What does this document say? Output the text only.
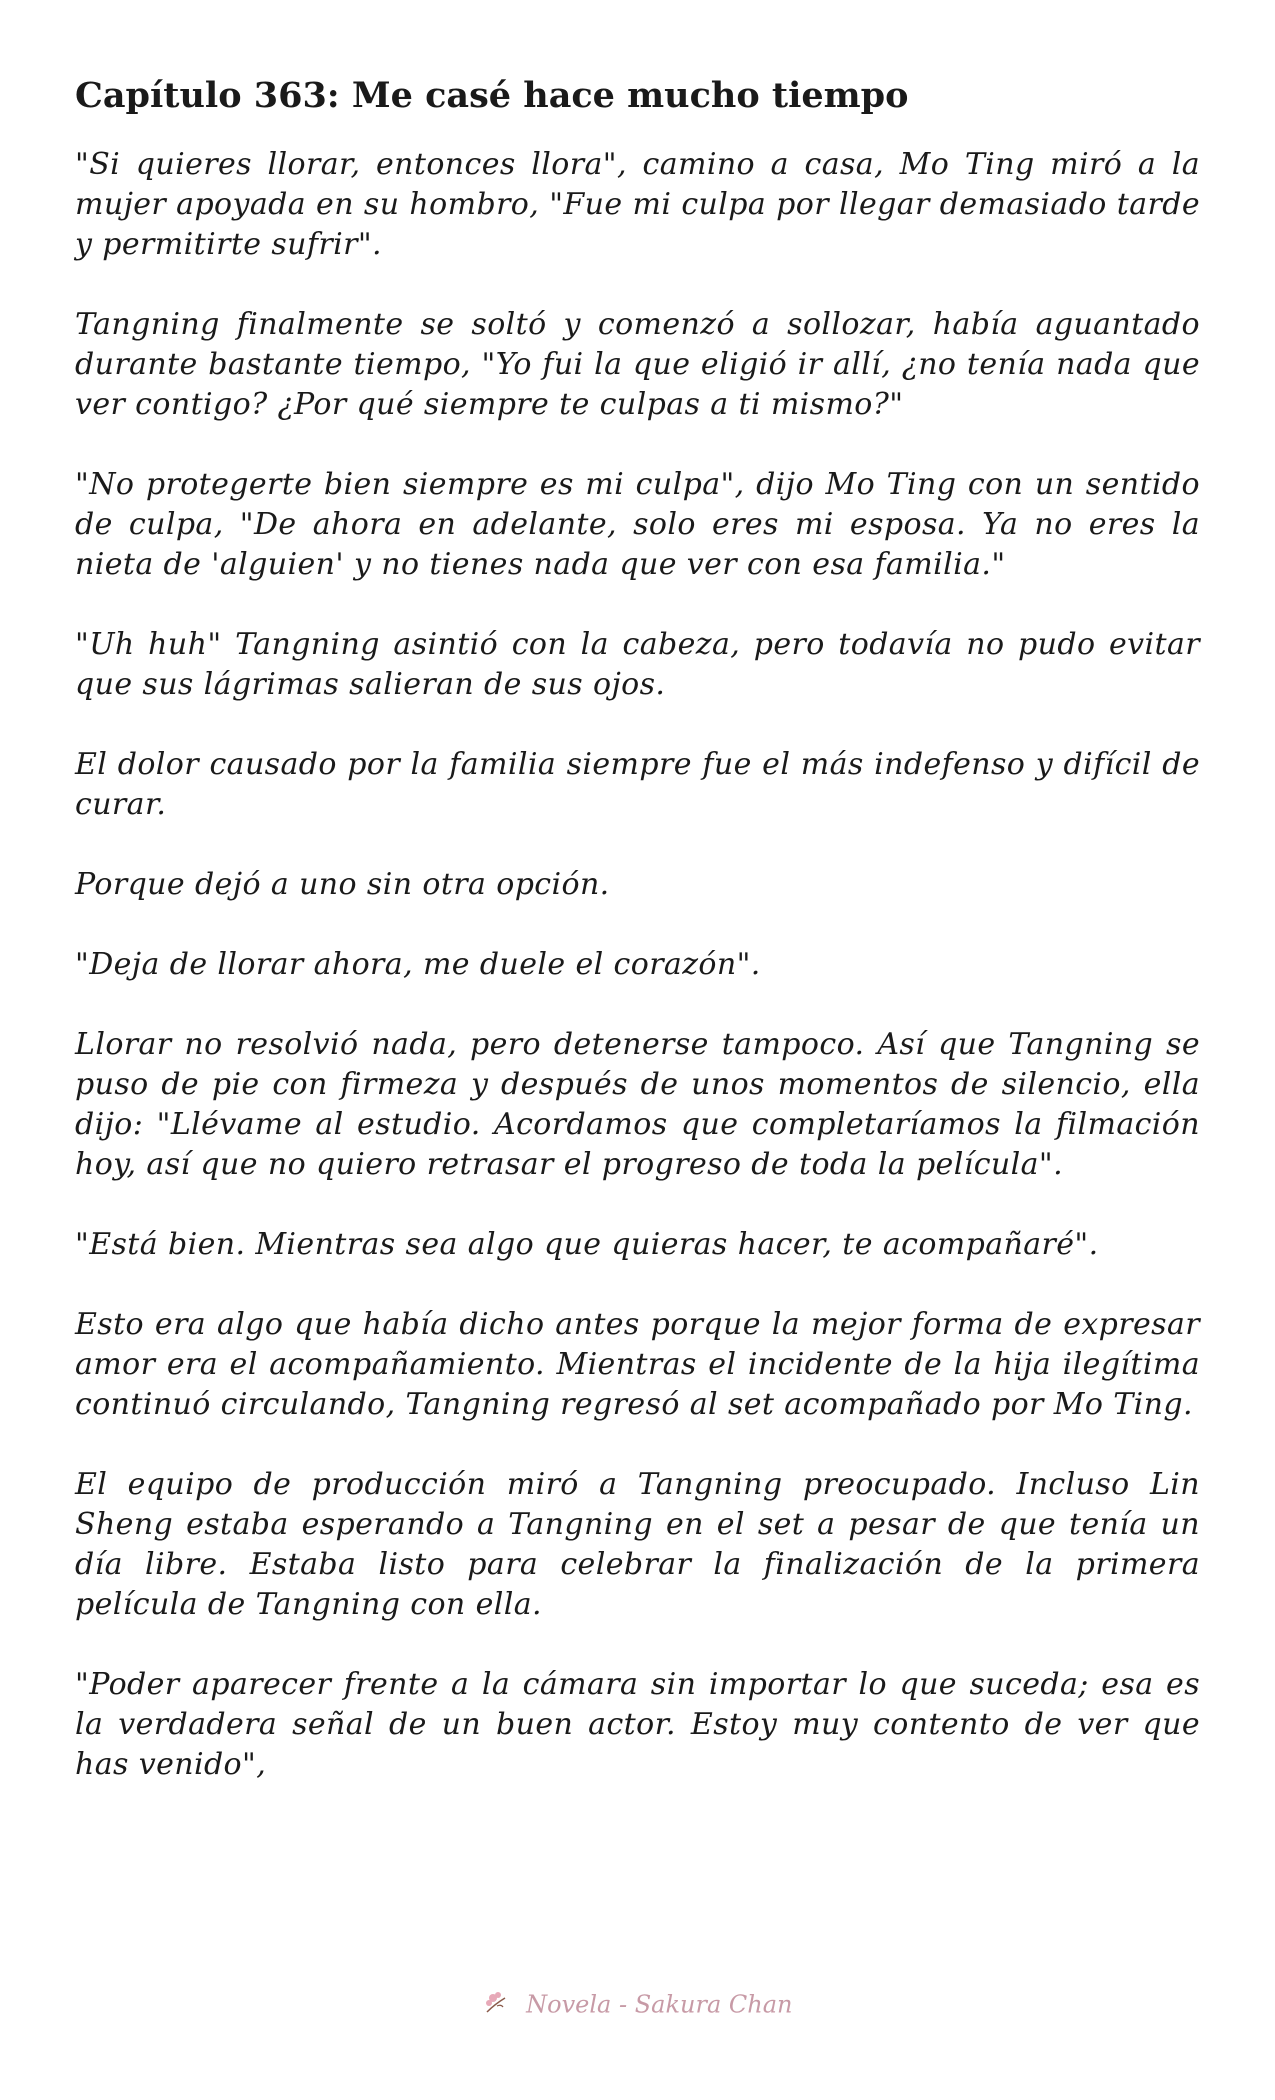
Capítulo 363: Me casé hace mucho tiempo

"Si quieres llorar, entonces llora", camino a casa, Mo Ting miró a la mujer apoyada en su hombro, "Fue mi culpa por llegar demasiado tarde y permitirte sufrir".

Tangning finalmente se soltó y comenzó a sollozar, había aguantado durante bastante tiempo, "Yo fui la que eligió ir allí, ¿no tenía nada que ver contigo? ¿Por qué siempre te culpas a ti mismo?"

"No protegerte bien siempre es mi culpa", dijo Mo Ting con un sentido de culpa, "De ahora en adelante, solo eres mi esposa. Ya no eres la nieta de 'alguien' y no tienes nada que ver con esa familia."

"Uh huh" Tangning asintió con la cabeza, pero todavía no pudo evitar que sus lágrimas salieran de sus ojos.

El dolor causado por la familia siempre fue el más indefenso y difícil de curar.

Porque dejó a uno sin otra opción.

"Deja de llorar ahora, me duele el corazón".

Llorar no resolvió nada, pero detenerse tampoco. Así que Tangning se puso de pie con firmeza y después de unos momentos de silencio, ella dijo: "Llévame al estudio. Acordamos que completaríamos la filmación hoy, así que no quiero retrasar el progreso de toda la película".

"Está bien. Mientras sea algo que quieras hacer, te acompañaré".

Esto era algo que había dicho antes porque la mejor forma de expresar amor era el acompañamiento. Mientras el incidente de la hija ilegítima continuó circulando, Tangning regresó al set acompañado por Mo Ting.

El equipo de producción miró a Tangning preocupado. Incluso Lin Sheng estaba esperando a Tangning en el set a pesar de que tenía un día libre. Estaba listo para celebrar la finalización de la primera película de Tangning con ella.

"Poder aparecer frente a la cámara sin importar lo que suceda; esa es la verdadera señal de un buen actor. Estoy muy contento de ver que has venido",

Novela - Sakura Chan
